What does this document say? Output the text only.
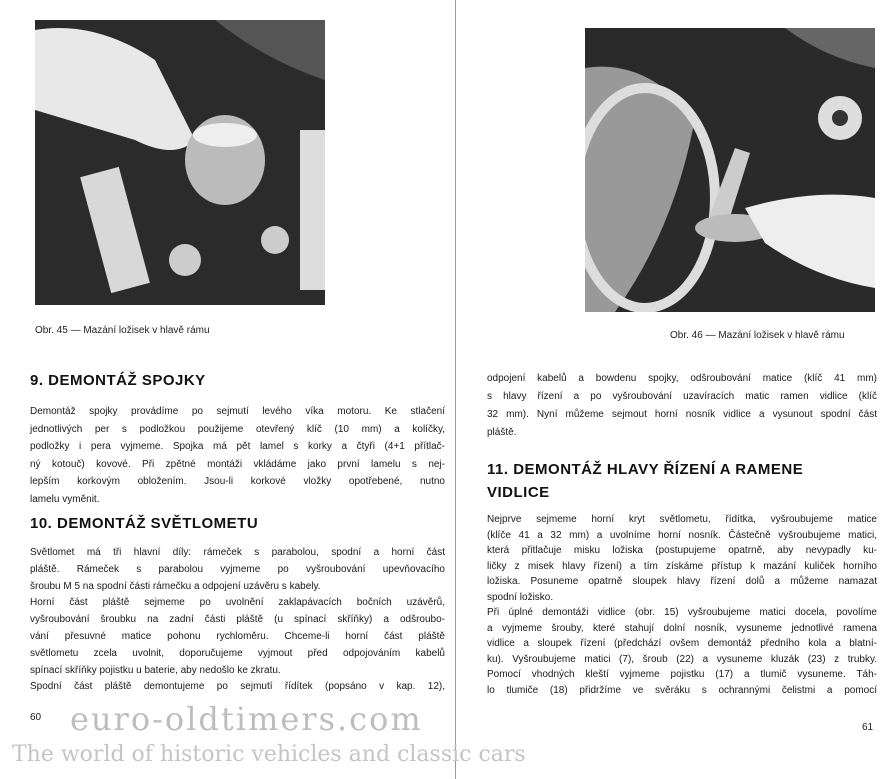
Obr. 45 — Mazání ložisek v hlavě rámu
9. DEMONTÁŽ SPOJKY
Demontáž spojky provádíme po sejmutí levého víka motoru. Ke stlačení
jednotlivých per s podložkou použijeme otevřený klíč (10 mm) a kolíčky,
podložky i pera vyjmeme. Spojka má pět lamel s korky a čtyři (4+1 přítlač-
ný kotouč) kovové. Při zpětné montáži vkládáme jako první lamelu s nej-
lepším korkovým obložením. Jsou-li korkové vložky opotřebené, nutno
lamelu vyměnit.
10. DEMONTÁŽ SVĚTLOMETU
Světlomet má tři hlavní díly: rámeček s parabolou, spodní a horní část
pláště. Rámeček s parabolou vyjmeme po vyšroubování upevňovacího
šroubu M 5 na spodní části rámečku a odpojení uzávěru s kabely.
Horní část pláště sejmeme po uvolnění zaklapávacích bočních uzávěrů,
vyšroubování šroubku na zadní části pláště (u spínací skříňky) a odšroubo-
vání přesuvné matice pohonu rychloměru. Chceme-li horní část pláště
světlometu zcela uvolnit, doporučujeme vyjmout před odpojováním kabelů
spínací skříňky pojistku u baterie, aby nedošlo ke zkratu.
Spodní část pláště demontujeme po sejmutí řídítek (popsáno v kap. 12),
60
Obr. 46 — Mazání ložisek v hlavě rámu
odpojení kabelů a bowdenu spojky, odšroubování matice (klíč 41 mm)
s hlavy řízení a po vyšroubování uzavíracích matic ramen vidlice (klíč
32 mm). Nyní můžeme sejmout horní nosník vidlice a vysunout spodní část
pláště.
11. DEMONTÁŽ HLAVY ŘÍZENÍ A RAMENE
VIDLICE
Nejprve sejmeme horní kryt světlometu, řídítka, vyšroubujeme matice
(klíče 41 a 32 mm) a uvolníme horní nosník. Částečně vyšroubujeme matici,
která přitlačuje misku ložiska (postupujeme opatrně, aby nevypadly ku-
ličky z misek hlavy řízení) a tím získáme přístup k mazání kuliček horního
ložiska. Posuneme opatrně sloupek hlavy řízení dolů a můžeme namazat
spodní ložisko.
Při úplné demontáži vidlice (obr. 15) vyšroubujeme matici docela, povolíme
a vyjmeme šrouby, které stahují dolní nosník, vysuneme jednotlivé ramena
vidlice a sloupek řízení (předchází ovšem demontáž předního kola a blatní-
ku). Vyšroubujeme matici (7), šroub (22) a vysuneme kluzák (23) z trubky.
Pomocí vhodných kleští vyjmeme pojistku (17) a tlumič vysuneme. Táh-
lo tlumiče (18) přidržíme ve svěráku s ochrannými čelistmi a pomocí
61
euro-oldtimers.com
The world of historic vehicles and classic cars
